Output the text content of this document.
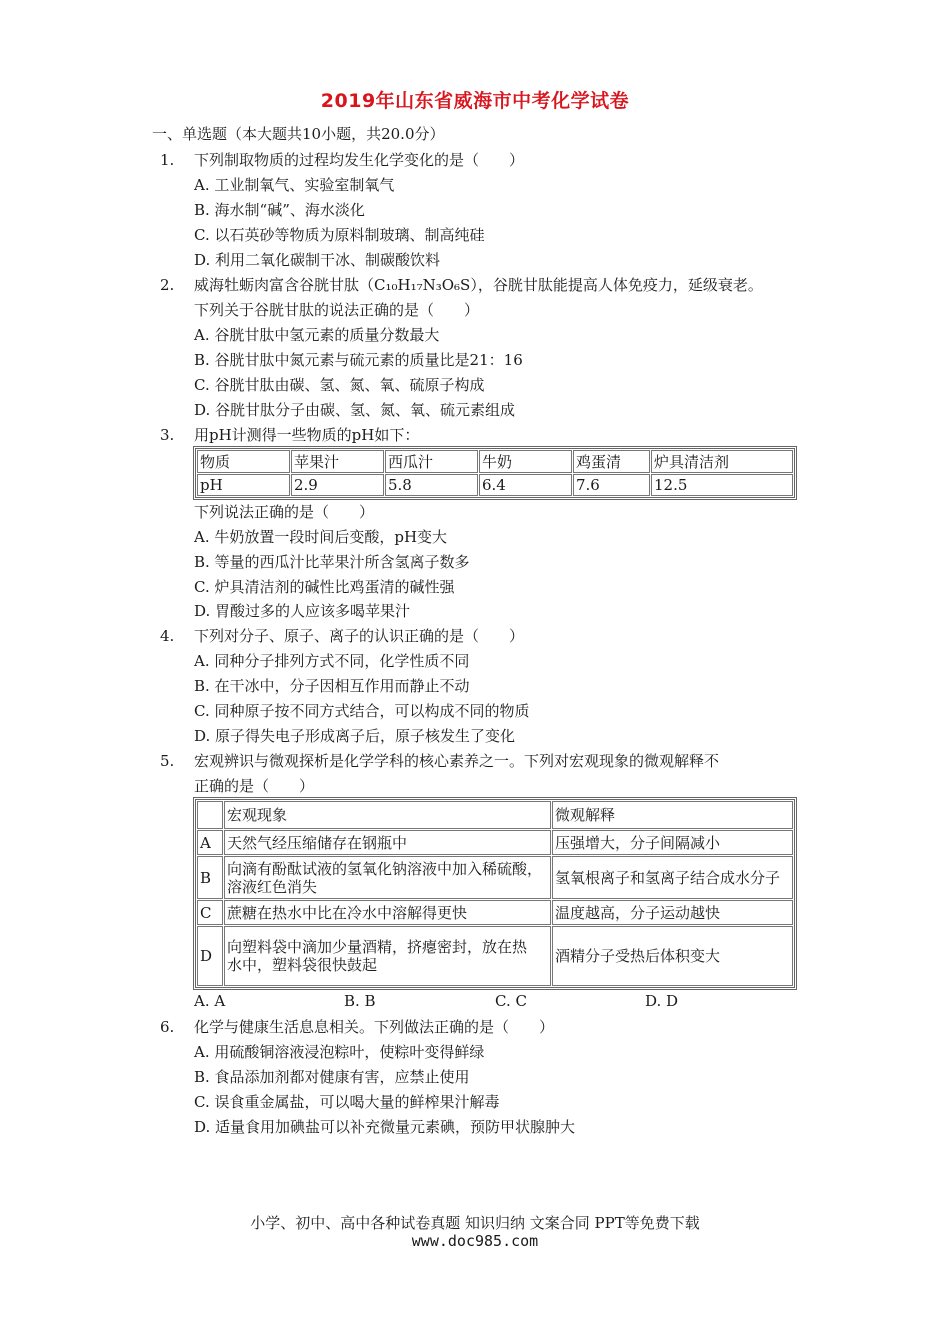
2019年山东省威海市中考化学试卷
一、单选题（本大题共10小题，共20.0分）
1. 下列制取物质的过程均发生化学变化的是（　　）
A. 工业制氧气、实验室制氧气
B. 海水制“碱”、海水淡化
C. 以石英砂等物质为原料制玻璃、制高纯硅
D. 利用二氧化碳制干冰、制碳酸饮料
2. 威海牡蛎肉富含谷胱甘肽（C₁₀H₁₇N₃O₆S），谷胱甘肽能提高人体免疫力，延级衰老。
下列关于谷胱甘肽的说法正确的是（　　）
A. 谷胱甘肽中氢元素的质量分数最大
B. 谷胱甘肽中氮元素与硫元素的质量比是21：16
C. 谷胱甘肽由碳、氢、氮、氧、硫原子构成
D. 谷胱甘肽分子由碳、氢、氮、氧、硫元素组成
3. 用pH计测得一些物质的pH如下：
物质	苹果汁	西瓜汁	牛奶	鸡蛋清	炉具清洁剂
pH	2.9	5.8	6.4	7.6	12.5
下列说法正确的是（　　）
A. 牛奶放置一段时间后变酸，pH变大
B. 等量的西瓜汁比苹果汁所含氢离子数多
C. 炉具清洁剂的碱性比鸡蛋清的碱性强
D. 胃酸过多的人应该多喝苹果汁
4. 下列对分子、原子、离子的认识正确的是（　　）
A. 同种分子排列方式不同，化学性质不同
B. 在干冰中，分子因相互作用而静止不动
C. 同种原子按不同方式结合，可以构成不同的物质
D. 原子得失电子形成离子后，原子核发生了变化
5. 宏观辨识与微观探析是化学学科的核心素养之一。下列对宏观现象的微观解释不
正确的是（　　）
	宏观现象	微观解释
A	天然气经压缩储存在钢瓶中	压强增大，分子间隔减小
B	向滴有酚酞试液的氢氧化钠溶液中加入稀硫酸，溶液红色消失	氢氧根离子和氢离子结合成水分子
C	蔗糖在热水中比在冷水中溶解得更快	温度越高，分子运动越快
D	向塑料袋中滴加少量酒精，挤瘪密封，放在热
水中，塑料袋很快鼓起	酒精分子受热后体积变大
A. A	B. B	C. C	D. D
6. 化学与健康生活息息相关。下列做法正确的是（　　）
A. 用硫酸铜溶液浸泡粽叶，使粽叶变得鲜绿
B. 食品添加剂都对健康有害，应禁止使用
C. 误食重金属盐，可以喝大量的鲜榨果汁解毒
D. 适量食用加碘盐可以补充微量元素碘，预防甲状腺肿大
小学、初中、高中各种试卷真题 知识归纳 文案合同 PPT等免费下载
www.doc985.com
